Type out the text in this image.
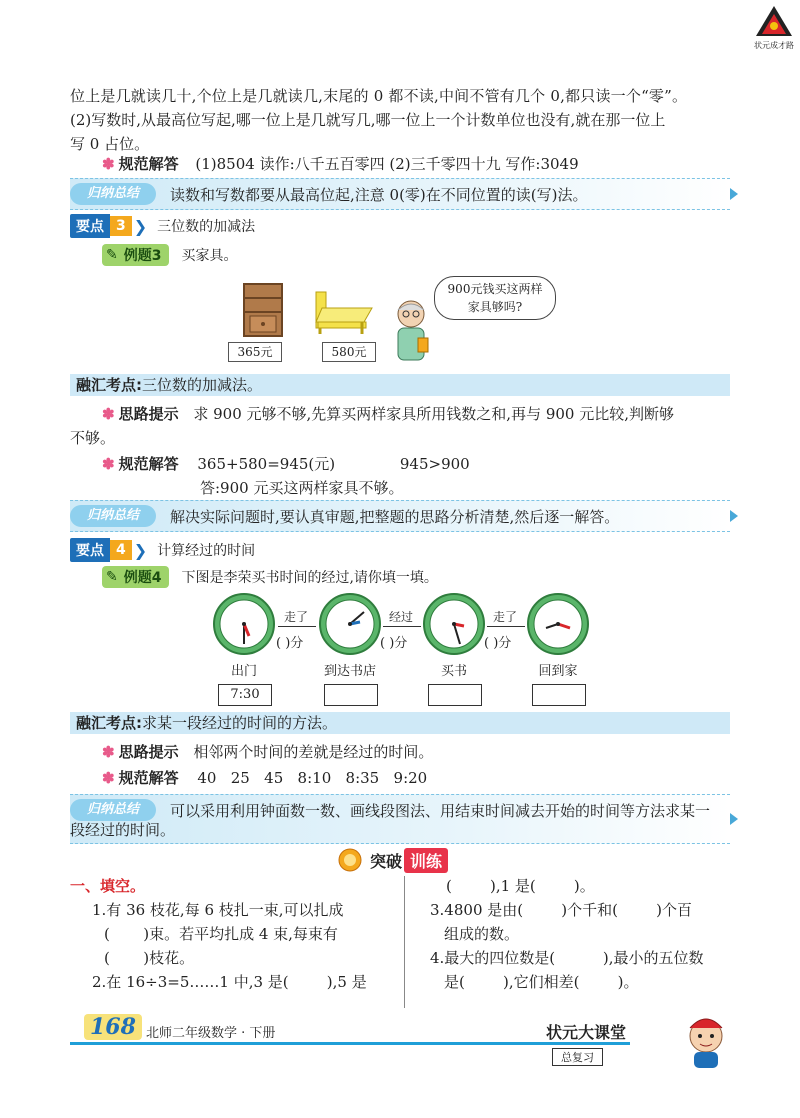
状元成才路
位上是几就读几十,个位上是几就读几,末尾的 0 都不读,中间不管有几个 0,都只读一个“零”。
(2)写数时,从最高位写起,哪一位上是几就写几,哪一位上一个计数单位也没有,就在那一位上
写 0 占位。
✽ 规范解答 (1)8504 读作:八千五百零四 (2)三千零四十九 写作:3049
归纳总结	读数和写数都要从最高位起,注意 0(零)在不同位置的读(写)法。
要点 3 ❯ 三位数的加减法
✎ 例题3 买家具。
365元	580元
900元钱买这两样
家具够吗?
融汇考点:三位数的加减法。
✽ 思路提示 求 900 元够不够,先算买两样家具所用钱数之和,再与 900 元比较,判断够
不够。
✽ 规范解答 365+580=945(元)	945>900
答:900 元买这两样家具不够。
归纳总结	解决实际问题时,要认真审题,把整题的思路分析清楚,然后逐一解答。
要点 4 ❯ 计算经过的时间
✎ 例题4 下图是李荣买书时间的经过,请你填一填。
走了
( )分
经过
( )分
走了
( )分
出门	到达书店	买书	回到家
7:30
融汇考点:求某一段经过的时间的方法。
✽ 思路提示 相邻两个时间的差就是经过的时间。
✽ 规范解答 40   25   45   8:10   8:35   9:20
归纳总结	可以采用利用钟面数一数、画线段图法、用结束时间减去开始的时间等方法求某一
段经过的时间。
突破 训练
一、填空。
1.有 36 枝花,每 6 枝扎一束,可以扎成
(       )束。若平均扎成 4 束,每束有
(       )枝花。
2.在 16÷3=5……1 中,3 是(        ),5 是
(        ),1 是(        )。
3.4800 是由(        )个千和(        )个百
组成的数。
4.最大的四位数是(          ),最小的五位数
是(        ),它们相差(        )。
168 北师二年级数学 · 下册	状元大课堂
总复习
